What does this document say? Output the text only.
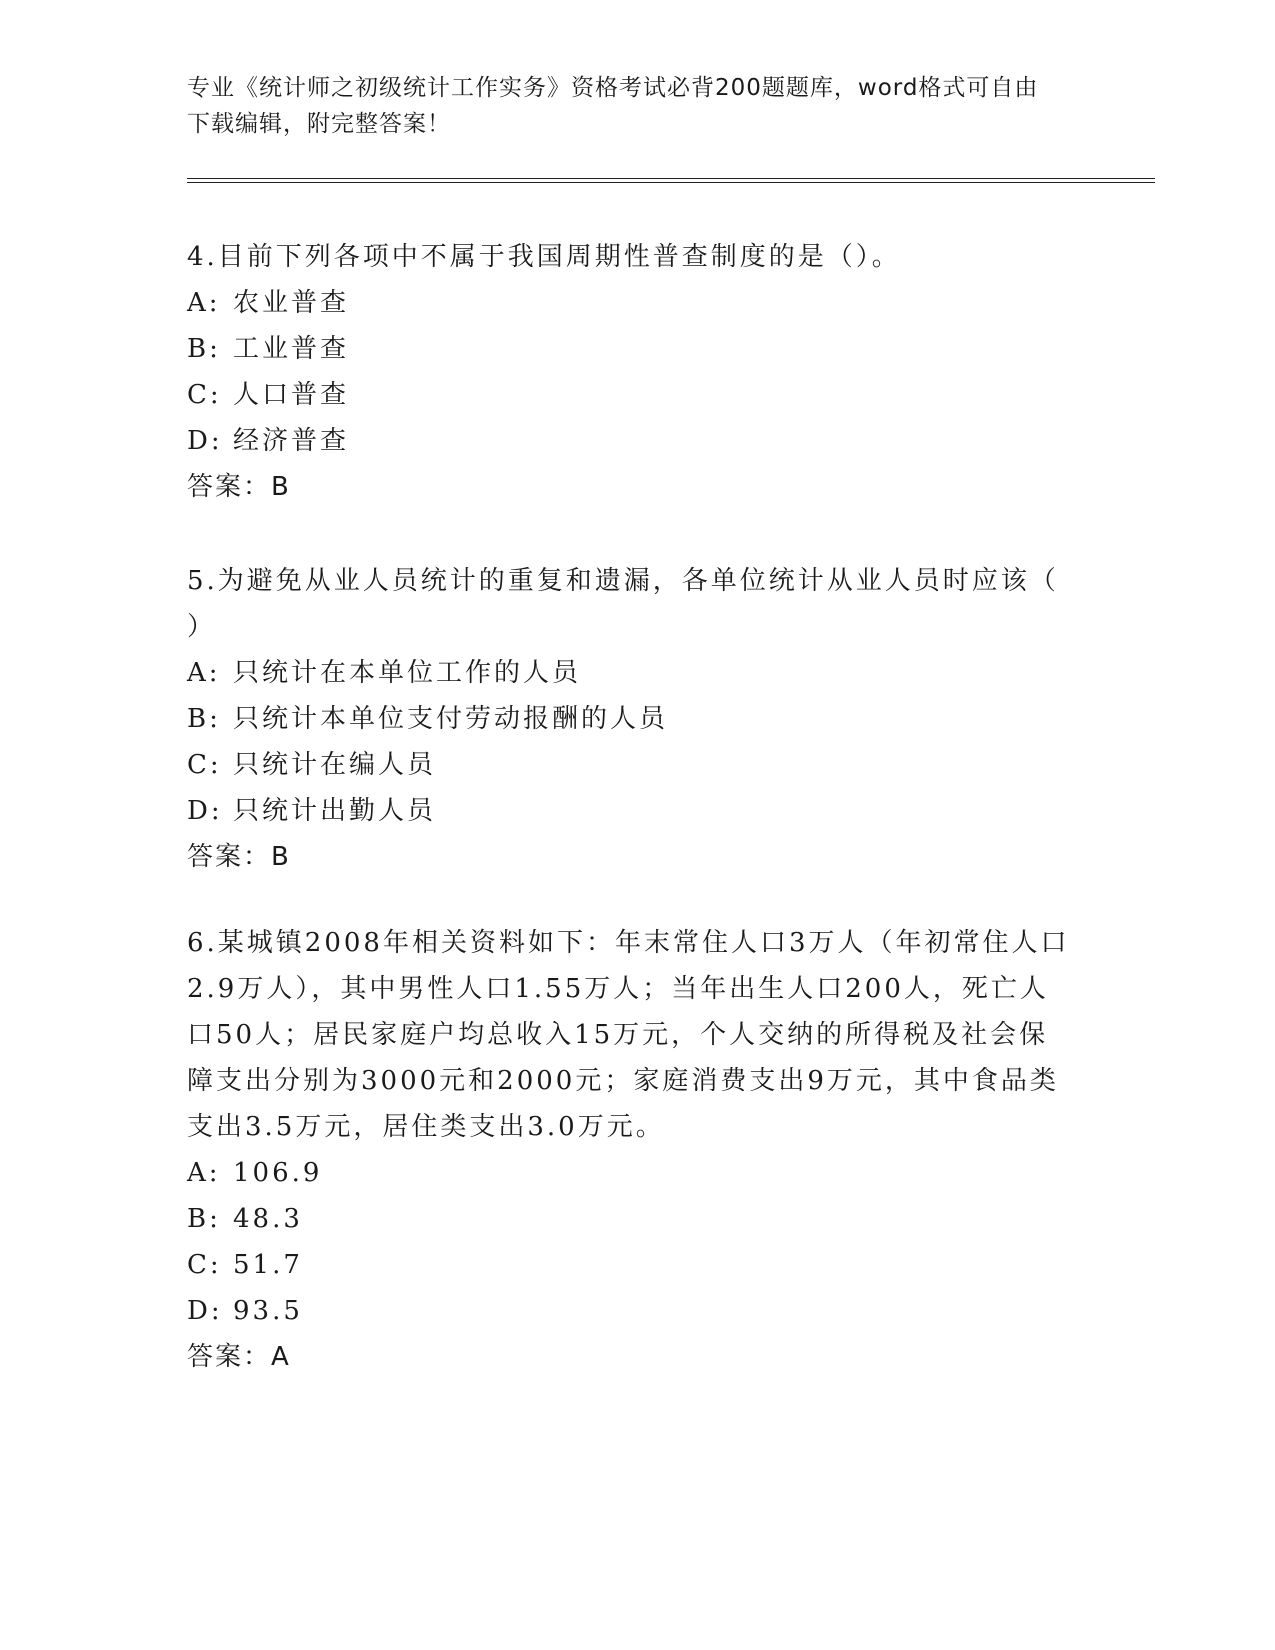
专业《统计师之初级统计工作实务》资格考试必背200题题库，word格式可自由
下载编辑，附完整答案！

4.目前下列各项中不属于我国周期性普查制度的是（）。

A: 农业普查

B: 工业普查

C: 人口普查

D: 经济普查

答案：B

5.为避免从业人员统计的重复和遗漏，各单位统计从业人员时应该（ ）

A: 只统计在本单位工作的人员

B: 只统计本单位支付劳动报酬的人员

C: 只统计在编人员

D: 只统计出勤人员

答案：B

6.某城镇2008年相关资料如下：年末常住人口3万人（年初常住人口2.9万人），其中男性人口1.55万人；当年出生人口200人，死亡人口50人；居民家庭户均总收入15万元，个人交纳的所得税及社会保障支出分别为3000元和2000元；家庭消费支出9万元，其中食品类支出3.5万元，居住类支出3.0万元。

A: 106.9

B: 48.3

C: 51.7

D: 93.5

答案：A
